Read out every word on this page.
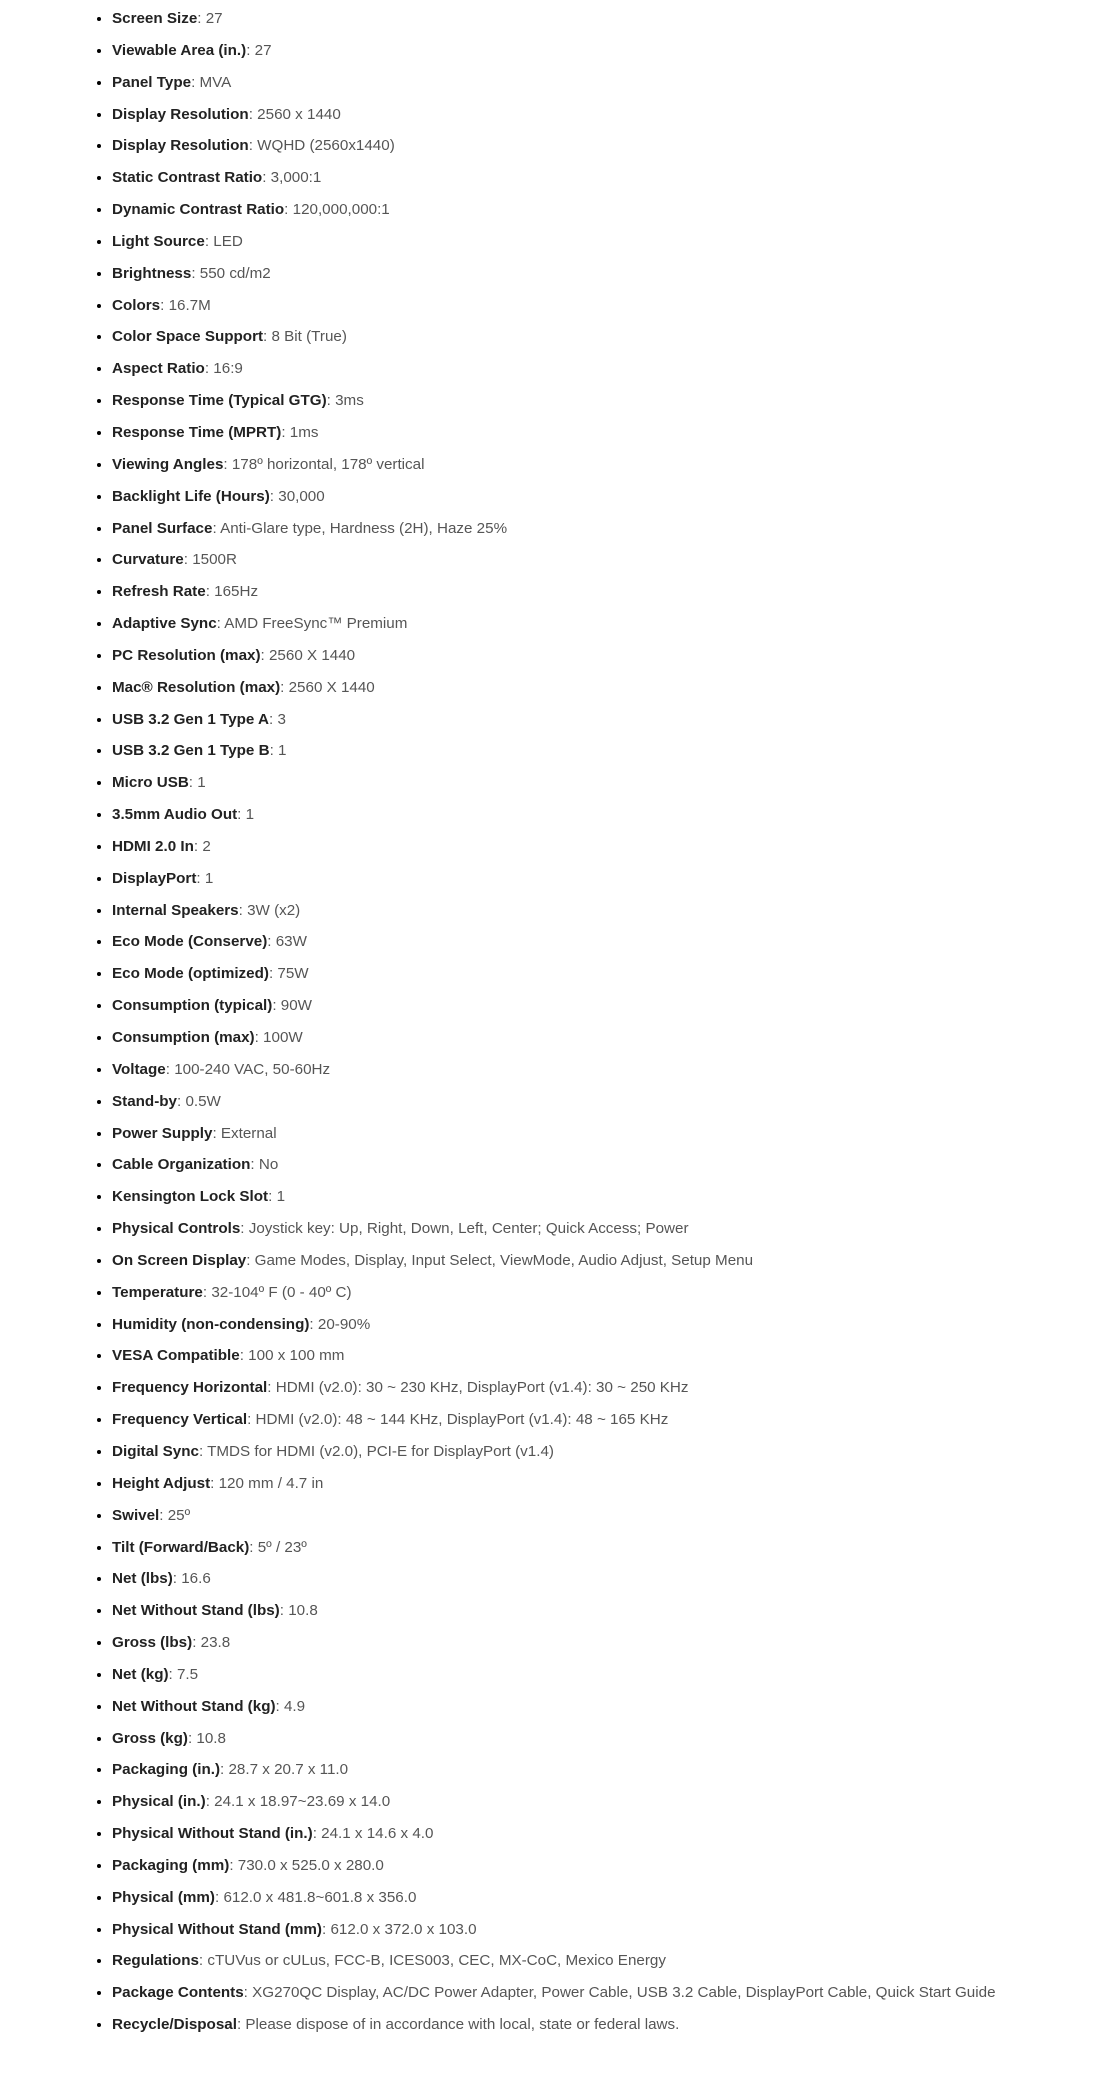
• Screen Size: 27
• Viewable Area (in.): 27
• Panel Type: MVA
• Display Resolution: 2560 x 1440
• Display Resolution: WQHD (2560x1440)
• Static Contrast Ratio: 3,000:1
• Dynamic Contrast Ratio: 120,000,000:1
• Light Source: LED
• Brightness: 550 cd/m2
• Colors: 16.7M
• Color Space Support: 8 Bit (True)
• Aspect Ratio: 16:9
• Response Time (Typical GTG): 3ms
• Response Time (MPRT): 1ms
• Viewing Angles: 178º horizontal, 178º vertical
• Backlight Life (Hours): 30,000
• Panel Surface: Anti-Glare type, Hardness (2H), Haze 25%
• Curvature: 1500R
• Refresh Rate: 165Hz
• Adaptive Sync: AMD FreeSync™ Premium
• PC Resolution (max): 2560 X 1440
• Mac® Resolution (max): 2560 X 1440
• USB 3.2 Gen 1 Type A: 3
• USB 3.2 Gen 1 Type B: 1
• Micro USB: 1
• 3.5mm Audio Out: 1
• HDMI 2.0 In: 2
• DisplayPort: 1
• Internal Speakers: 3W (x2)
• Eco Mode (Conserve): 63W
• Eco Mode (optimized): 75W
• Consumption (typical): 90W
• Consumption (max): 100W
• Voltage: 100-240 VAC, 50-60Hz
• Stand-by: 0.5W
• Power Supply: External
• Cable Organization: No
• Kensington Lock Slot: 1
• Physical Controls: Joystick key: Up, Right, Down, Left, Center; Quick Access; Power
• On Screen Display: Game Modes, Display, Input Select, ViewMode, Audio Adjust, Setup Menu
• Temperature: 32-104º F (0 - 40º C)
• Humidity (non-condensing): 20-90%
• VESA Compatible: 100 x 100 mm
• Frequency Horizontal: HDMI (v2.0): 30 ~ 230 KHz, DisplayPort (v1.4): 30 ~ 250 KHz
• Frequency Vertical: HDMI (v2.0): 48 ~ 144 KHz, DisplayPort (v1.4): 48 ~ 165 KHz
• Digital Sync: TMDS for HDMI (v2.0), PCI-E for DisplayPort (v1.4)
• Height Adjust: 120 mm / 4.7 in
• Swivel: 25º
• Tilt (Forward/Back): 5º / 23º
• Net (lbs): 16.6
• Net Without Stand (lbs): 10.8
• Gross (lbs): 23.8
• Net (kg): 7.5
• Net Without Stand (kg): 4.9
• Gross (kg): 10.8
• Packaging (in.): 28.7 x 20.7 x 11.0
• Physical (in.): 24.1 x 18.97~23.69 x 14.0
• Physical Without Stand (in.): 24.1 x 14.6 x 4.0
• Packaging (mm): 730.0 x 525.0 x 280.0
• Physical (mm): 612.0 x 481.8~601.8 x 356.0
• Physical Without Stand (mm): 612.0 x 372.0 x 103.0
• Regulations: cTUVus or cULus, FCC-B, ICES003, CEC, MX-CoC, Mexico Energy
• Package Contents: XG270QC Display, AC/DC Power Adapter, Power Cable, USB 3.2 Cable, DisplayPort Cable, Quick Start Guide
• Recycle/Disposal: Please dispose of in accordance with local, state or federal laws.
